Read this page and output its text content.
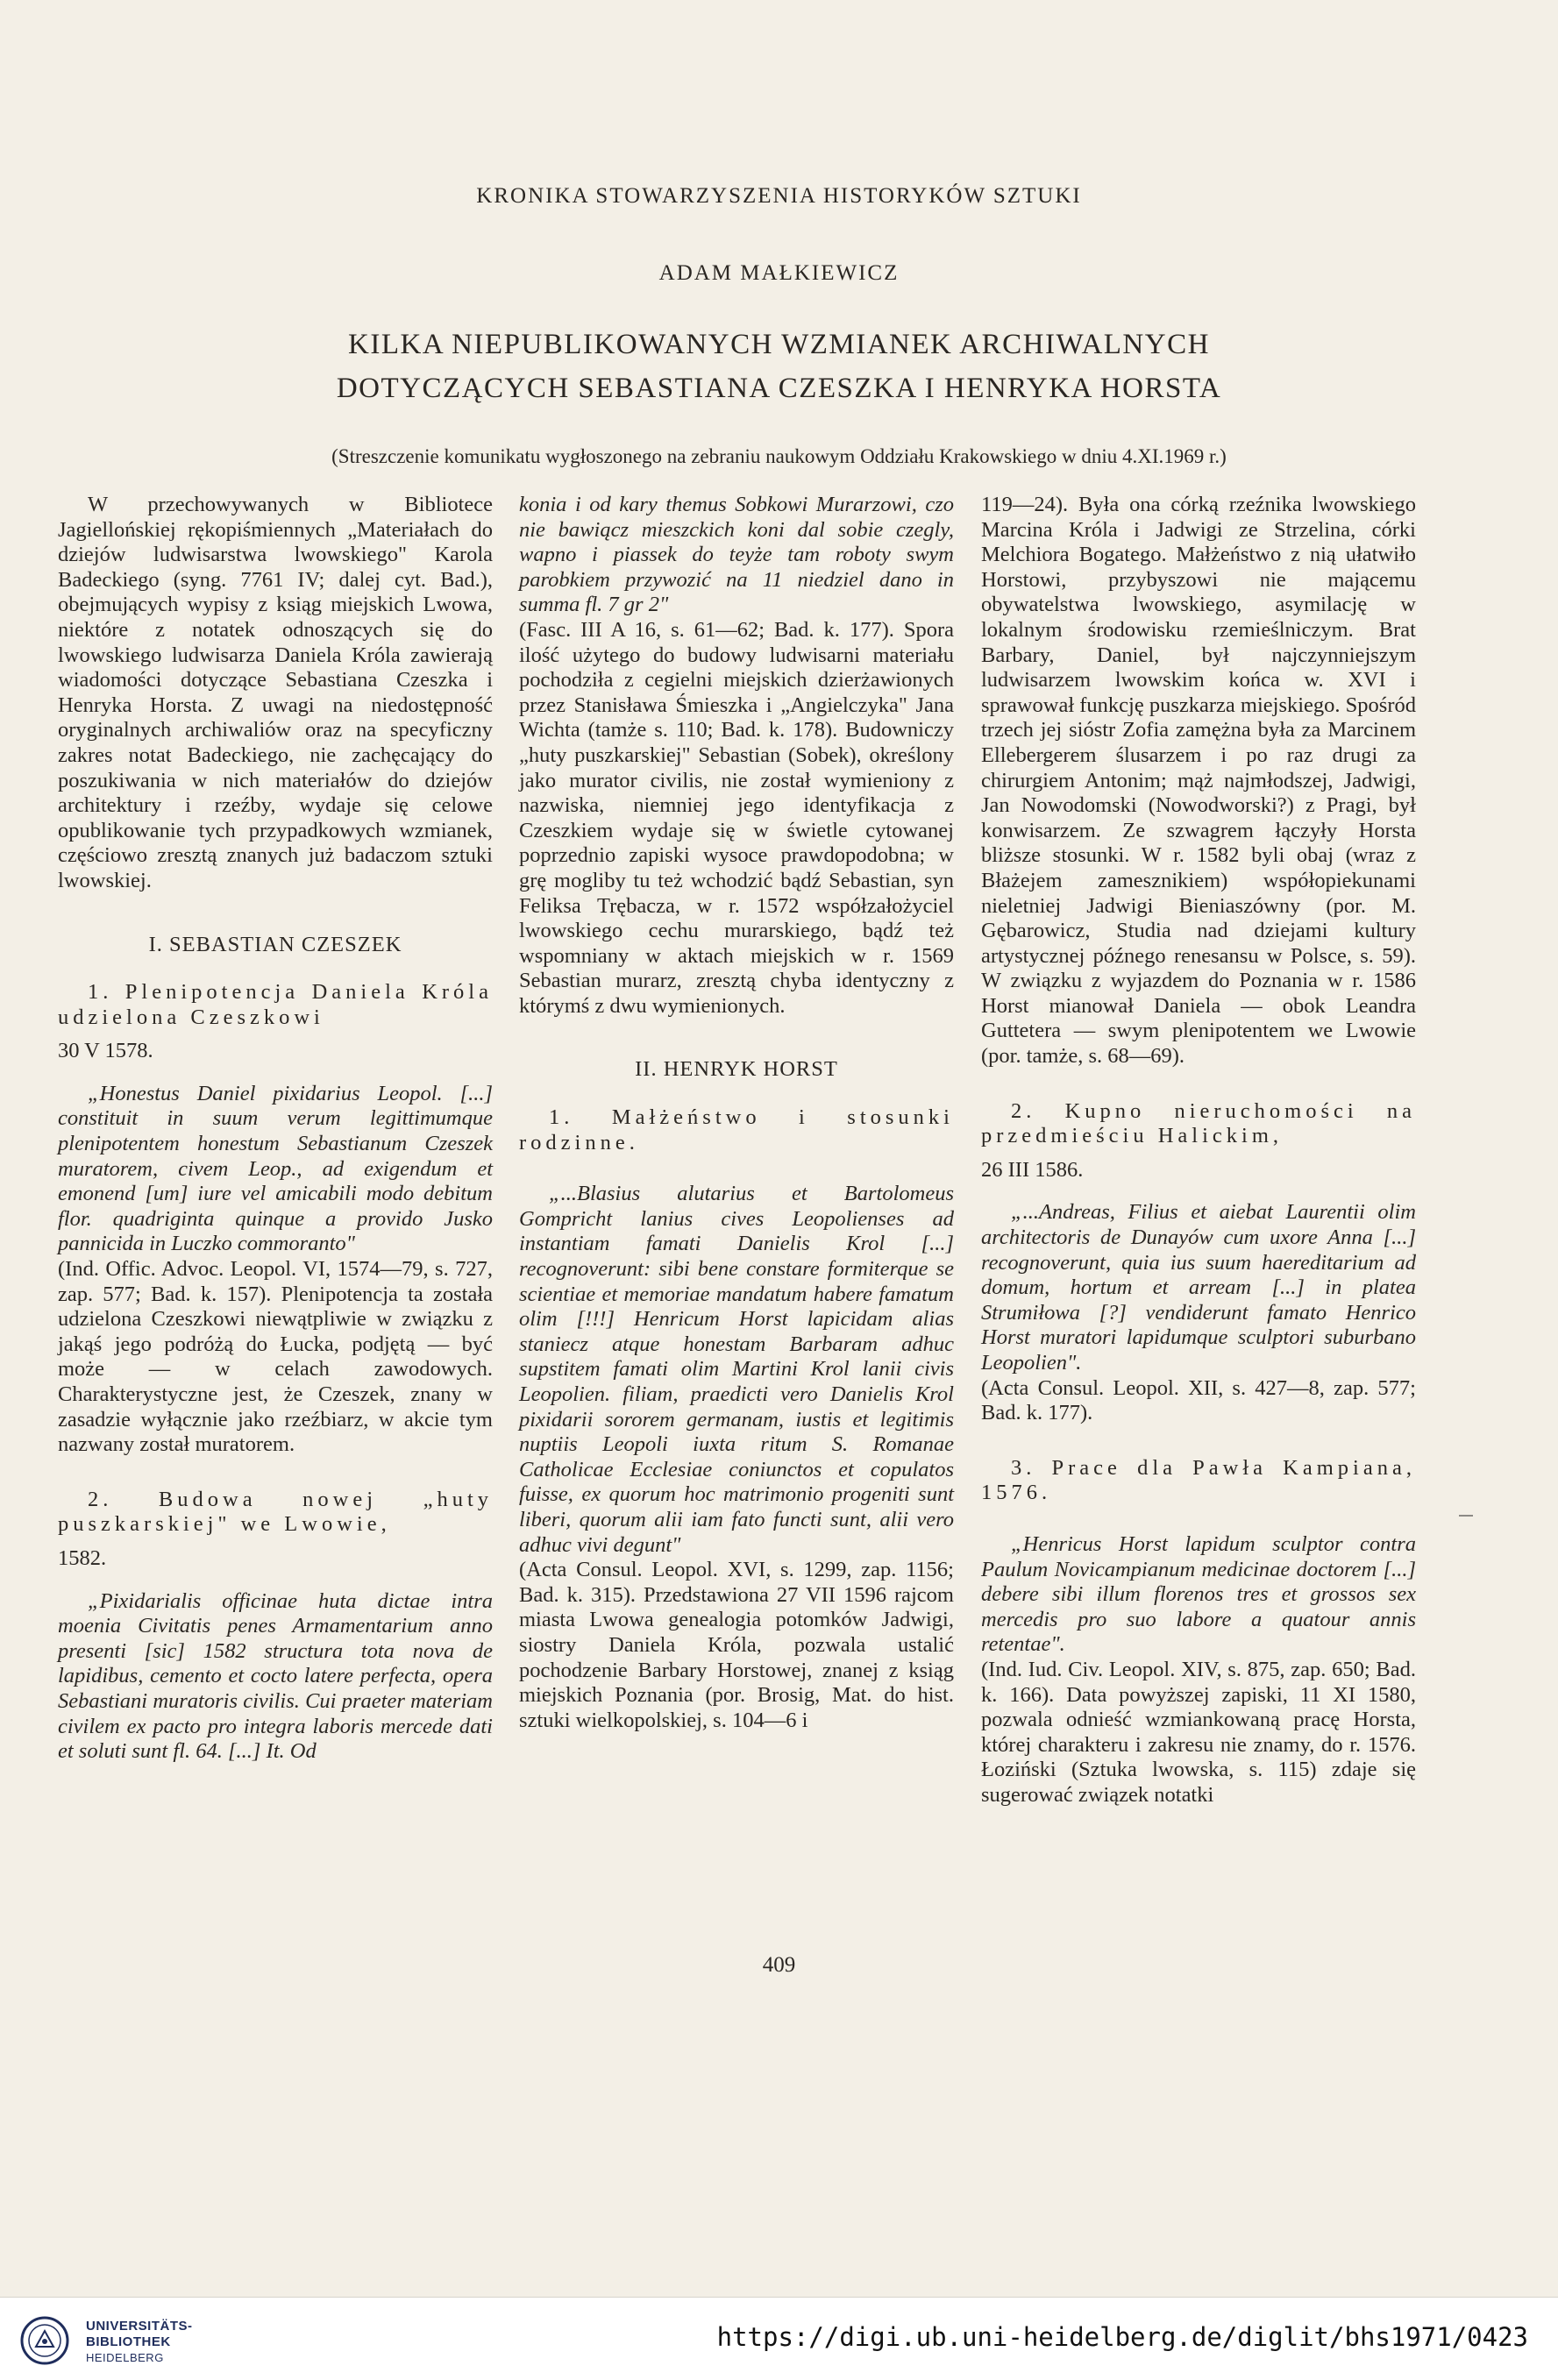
KRONIKA STOWARZYSZENIA HISTORYKÓW SZTUKI
ADAM MAŁKIEWICZ
KILKA NIEPUBLIKOWANYCH WZMIANEK ARCHIWALNYCH
DOTYCZĄCYCH SEBASTIANA CZESZKA I HENRYKA HORSTA
(Streszczenie komunikatu wygłoszonego na zebraniu naukowym Oddziału Krakowskiego w dniu 4.XI.1969 r.)

W przechowywanych w Bibliotece Jagiellońskiej rękopiśmiennych „Materiałach do dziejów ludwisarstwa lwowskiego" Karola Badeckiego (syng. 7761 IV; dalej cyt. Bad.), obejmujących wypisy z ksiąg miejskich Lwowa, niektóre z notatek odnoszących się do lwowskiego ludwisarza Daniela Króla zawierają wiadomości dotyczące Sebastiana Czeszka i Henryka Horsta. Z uwagi na niedostępność oryginalnych archiwaliów oraz na specyficzny zakres notat Badeckiego, nie zachęcający do poszukiwania w nich materiałów do dziejów architektury i rzeźby, wydaje się celowe opublikowanie tych przypadkowych wzmianek, częściowo zresztą znanych już badaczom sztuki lwowskiej.

I. SEBASTIAN CZESZEK
1. Plenipotencja Daniela Króla udzielona Czeszkowi

30 V 1578.

„Honestus Daniel pixidarius Leopol. [...] constituit in suum verum legittimumque plenipotentem honestum Sebastianum Czeszek muratorem, civem Leop., ad exigendum et emonend [um] iure vel amicabili modo debitum flor. quadriginta quinque a provido Jusko pannicida in Luczko commoranto"

(Ind. Offic. Advoc. Leopol. VI, 1574—79, s. 727, zap. 577; Bad. k. 157). Plenipotencja ta została udzielona Czeszkowi niewątpliwie w związku z jakąś jego podróżą do Łucka, podjętą — być może — w celach zawodowych. Charakterystyczne jest, że Czeszek, znany w zasadzie wyłącznie jako rzeźbiarz, w akcie tym nazwany został muratorem.

2. Budowa nowej „huty puszkarskiej" we Lwowie,

1582.

„Pixidarialis officinae huta dictae intra moenia Civitatis penes Armamentarium anno presenti [sic] 1582 structura tota nova de lapidibus, cemento et cocto latere perfecta, opera Sebastiani muratoris civilis. Cui praeter materiam civilem ex pacto pro integra laboris mercede dati et soluti sunt fl. 64. [...] It. Od

konia i od kary themus Sobkowi Murarzowi, czo nie bawiącz mieszckich koni dal sobie czegly, wapno i piassek do teyże tam roboty swym parobkiem przywozić na 11 niedziel dano in summa fl. 7 gr 2"

(Fasc. III A 16, s. 61—62; Bad. k. 177). Spora ilość użytego do budowy ludwisarni materiału pochodziła z cegielni miejskich dzierżawionych przez Stanisława Śmieszka i „Angielczyka" Jana Wichta (tamże s. 110; Bad. k. 178). Budowniczy „huty puszkarskiej" Sebastian (Sobek), określony jako murator civilis, nie został wymieniony z nazwiska, niemniej jego identyfikacja z Czeszkiem wydaje się w świetle cytowanej poprzednio zapiski wysoce prawdopodobna; w grę mogliby tu też wchodzić bądź Sebastian, syn Feliksa Trębacza, w r. 1572 współzałożyciel lwowskiego cechu murarskiego, bądź też wspomniany w aktach miejskich w r. 1569 Sebastian murarz, zresztą chyba identyczny z którymś z dwu wymienionych.

II. HENRYK HORST
1. Małżeństwo i stosunki rodzinne.

„...Blasius alutarius et Bartolomeus Gompricht lanius cives Leopolienses ad instantiam famati Danielis Krol [...] recognoverunt: sibi bene constare formiterque se scientiae et memoriae mandatum habere famatum olim [!!!] Henricum Horst lapicidam alias staniecz atque honestam Barbaram adhuc supstitem famati olim Martini Krol lanii civis Leopolien. filiam, praedicti vero Danielis Krol pixidarii sororem germanam, iustis et legitimis nuptiis Leopoli iuxta ritum S. Romanae Catholicae Ecclesiae coniunctos et copulatos fuisse, ex quorum hoc matrimonio progeniti sunt liberi, quorum alii iam fato functi sunt, alii vero adhuc vivi degunt"

(Acta Consul. Leopol. XVI, s. 1299, zap. 1156; Bad. k. 315). Przedstawiona 27 VII 1596 rajcom miasta Lwowa genealogia potomków Jadwigi, siostry Daniela Króla, pozwala ustalić pochodzenie Barbary Horstowej, znanej z ksiąg miejskich Poznania (por. Brosig, Mat. do hist. sztuki wielkopolskiej, s. 104—6 i

119—24). Była ona córką rzeźnika lwowskiego Marcina Króla i Jadwigi ze Strzelina, córki Melchiora Bogatego. Małżeństwo z nią ułatwiło Horstowi, przybyszowi nie mającemu obywatelstwa lwowskiego, asymilację w lokalnym środowisku rzemieślniczym. Brat Barbary, Daniel, był najczynniejszym ludwisarzem lwowskim końca w. XVI i sprawował funkcję puszkarza miejskiego. Spośród trzech jej sióstr Zofia zamężna była za Marcinem Ellebergerem ślusarzem i po raz drugi za chirurgiem Antonim; mąż najmłodszej, Jadwigi, Jan Nowodomski (Nowodworski?) z Pragi, był konwisarzem. Ze szwagrem łączyły Horsta bliższe stosunki. W r. 1582 byli obaj (wraz z Błażejem zamesznikiem) współopiekunami nieletniej Jadwigi Bieniaszówny (por. M. Gębarowicz, Studia nad dziejami kultury artystycznej późnego renesansu w Polsce, s. 59). W związku z wyjazdem do Poznania w r. 1586 Horst mianował Daniela — obok Leandra Guttetera — swym plenipotentem we Lwowie (por. tamże, s. 68—69).

2. Kupno nieruchomości na przedmieściu Halickim,

26 III 1586.

„...Andreas, Filius et aiebat Laurentii olim architectoris de Dunayów cum uxore Anna [...] recognoverunt, quia ius suum haereditarium ad domum, hortum et arream [...] in platea Strumiłowa [?] vendiderunt famato Henrico Horst muratori lapidumque sculptori suburbano Leopolien".

(Acta Consul. Leopol. XII, s. 427—8, zap. 577; Bad. k. 177).

3. Prace dla Pawła Kampiana, 1576.

„Henricus Horst lapidum sculptor contra Paulum Novicampianum medicinae doctorem [...] debere sibi illum florenos tres et grossos sex mercedis pro suo labore a quatour annis retentae".

(Ind. Iud. Civ. Leopol. XIV, s. 875, zap. 650; Bad. k. 166). Data powyższej zapiski, 11 XI 1580, pozwala odnieść wzmiankowaną pracę Horsta, której charakteru i zakresu nie znamy, do r. 1576. Łoziński (Sztuka lwowska, s. 115) zdaje się sugerować związek notatki

409
UNIVERSITÄTS-
BIBLIOTHEK
HEIDELBERG
https://digi.ub.uni-heidelberg.de/diglit/bhs1971/0423
